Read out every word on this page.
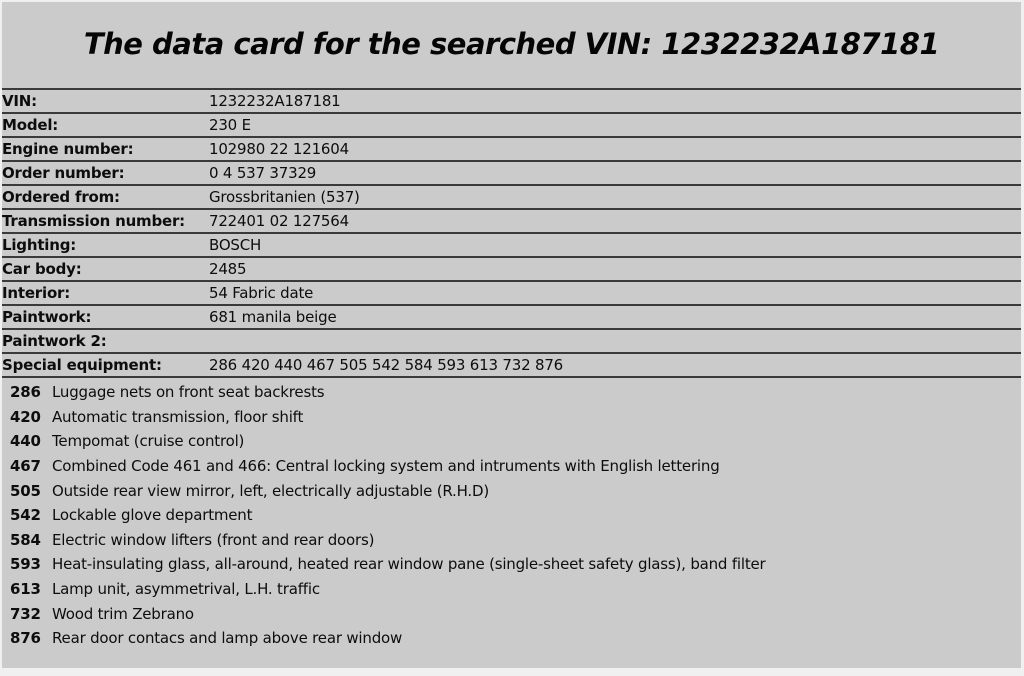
The data card for the searched VIN: 1232232A187181
VIN:	1232232A187181
Model:	230 E
Engine number:	102980 22 121604
Order number:	0 4 537 37329
Ordered from:	Grossbritanien (537)
Transmission number:	722401 02 127564
Lighting:	BOSCH
Car body:	2485
Interior:	54 Fabric date
Paintwork:	681 manila beige
Paintwork 2:	
Special equipment:	286 420 440 467 505 542 584 593 613 732 876
286 Luggage nets on front seat backrests
420 Automatic transmission, floor shift
440 Tempomat (cruise control)
467 Combined Code 461 and 466: Central locking system and intruments with English lettering
505 Outside rear view mirror, left, electrically adjustable (R.H.D)
542 Lockable glove department
584 Electric window lifters (front and rear doors)
593 Heat-insulating glass, all-around, heated rear window pane (single-sheet safety glass), band filter
613 Lamp unit, asymmetrival, L.H. traffic
732 Wood trim Zebrano
876 Rear door contacs and lamp above rear window
